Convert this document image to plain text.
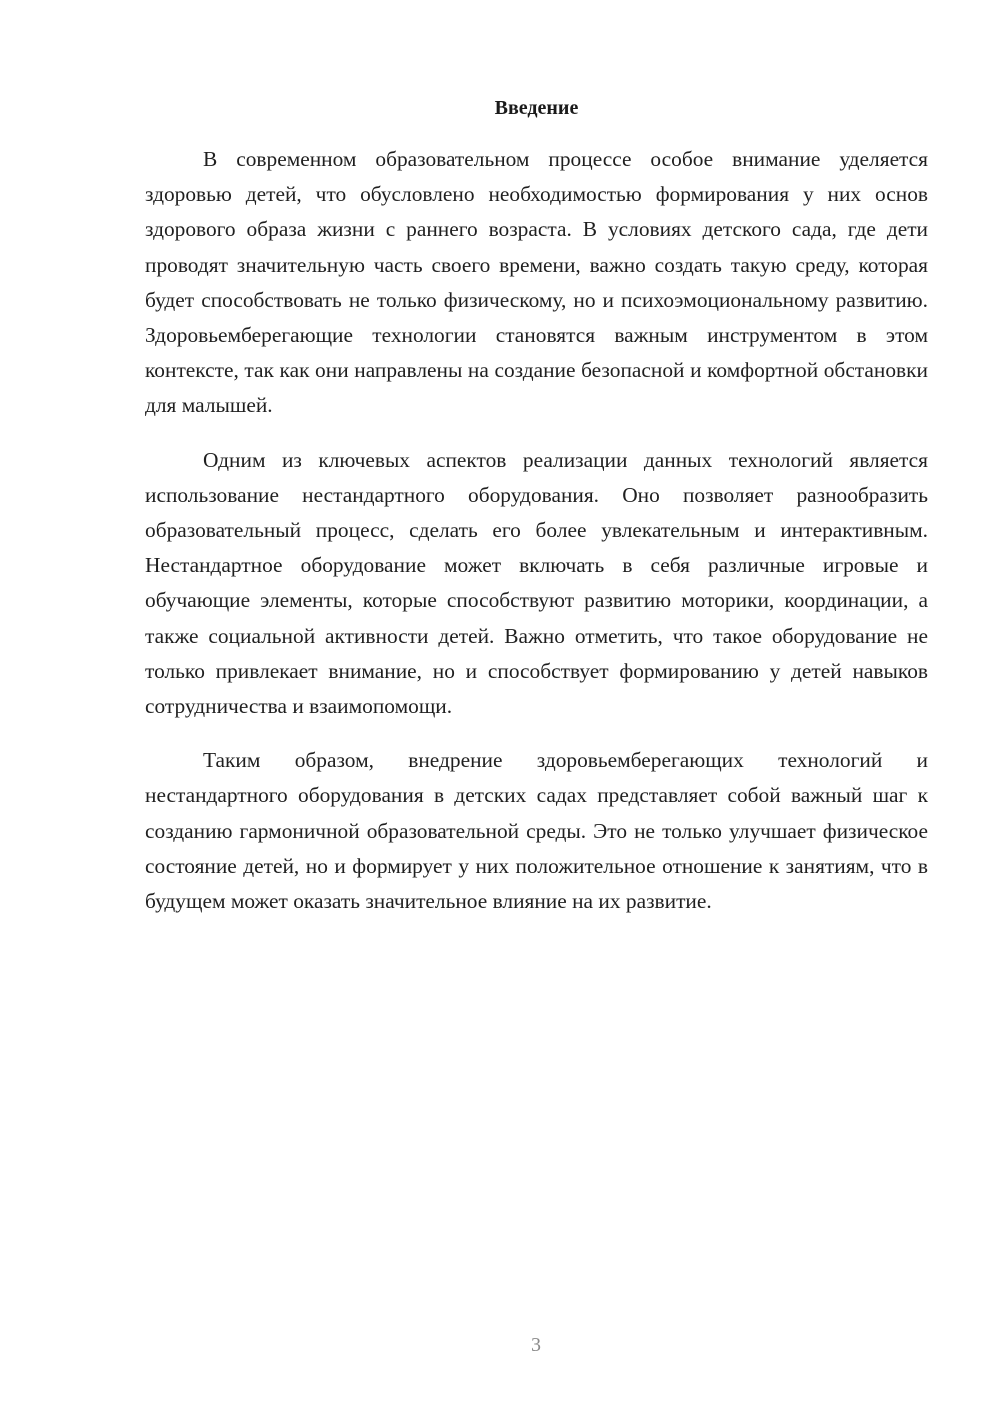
Введение

В современном образовательном процессе особое внимание уделяется здоровью детей, что обусловлено необходимостью формирования у них основ здорового образа жизни с раннего возраста. В условиях детского сада, где дети проводят значительную часть своего времени, важно создать такую среду, которая будет способствовать не только физическому, но и психоэмоциональному развитию. Здоровьемберегающие технологии становятся важным инструментом в этом контексте, так как они направлены на создание безопасной и комфортной обстановки для малышей.

Одним из ключевых аспектов реализации данных технологий является использование нестандартного оборудования. Оно позволяет разнообразить образовательный процесс, сделать его более увлекательным и интерактивным. Нестандартное оборудование может включать в себя различные игровые и обучающие элементы, которые способствуют развитию моторики, координации, а также социальной активности детей. Важно отметить, что такое оборудование не только привлекает внимание, но и способствует формированию у детей навыков сотрудничества и взаимопомощи.

Таким образом, внедрение здоровьемберегающих технологий и нестандартного оборудования в детских садах представляет собой важный шаг к созданию гармоничной образовательной среды. Это не только улучшает физическое состояние детей, но и формирует у них положительное отношение к занятиям, что в будущем может оказать значительное влияние на их развитие.

3
